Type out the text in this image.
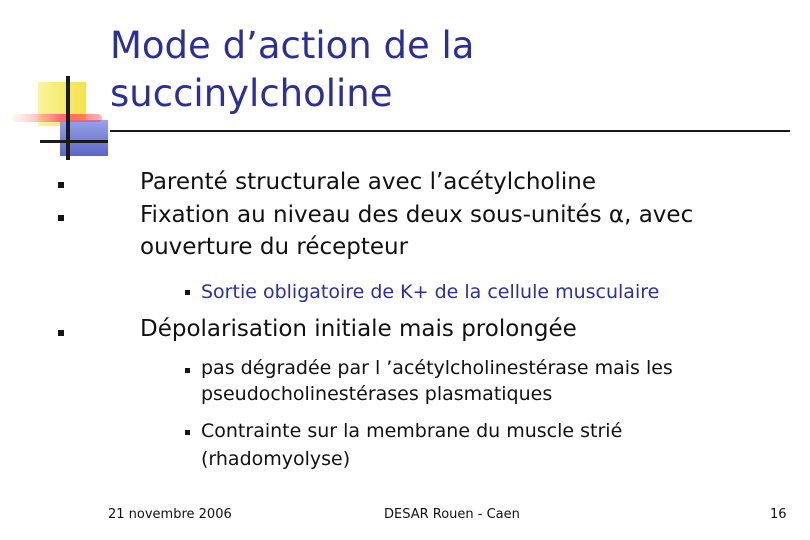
Mode d’action de la
succinylcholine
Parenté structurale avec l’acétylcholine
Fixation au niveau des deux sous-unités α, avec
ouverture du récepteur
Sortie obligatoire de K+ de la cellule musculaire
Dépolarisation initiale mais prolongée
pas dégradée par l ’acétylcholinestérase mais les
pseudocholinestérases plasmatiques
Contrainte sur la membrane du muscle strié
(rhadomyolyse)
21 novembre 2006	DESAR Rouen - Caen	16
